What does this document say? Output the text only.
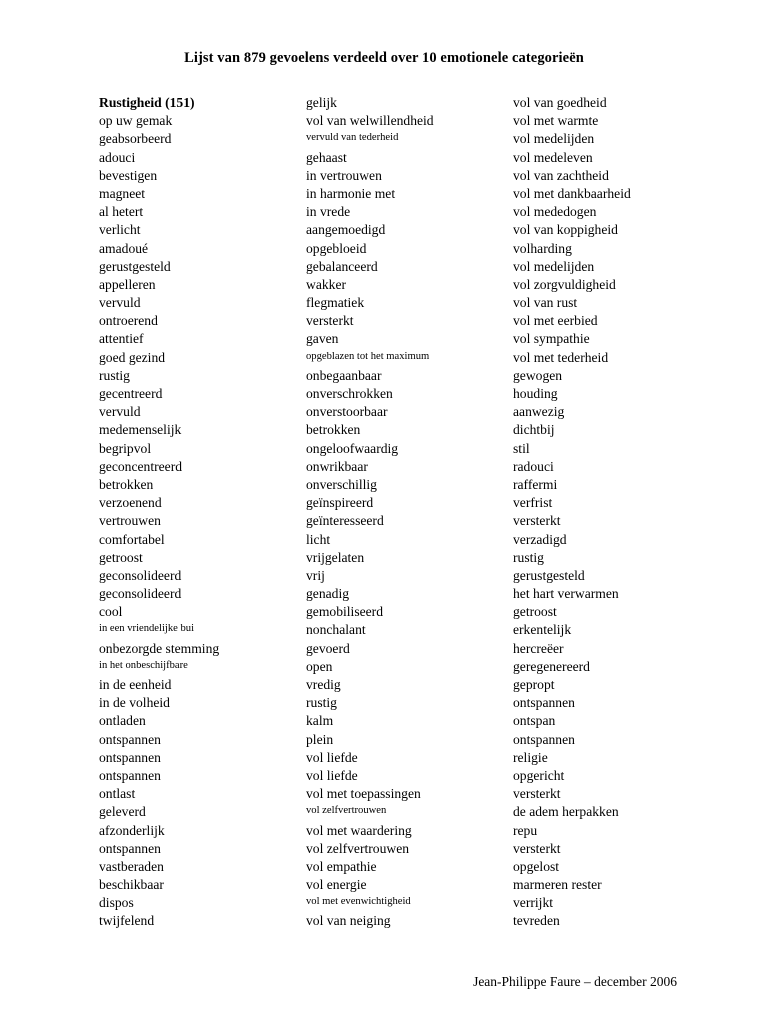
Lijst van 879 gevoelens verdeeld over 10 emotionele categorieën
Rustigheid (151)
op uw gemak
geabsorbeerd
adouci
bevestigen
magneet
al hetert
verlicht
amadoué
gerustgesteld
appelleren
vervuld
ontroerend
attentief
goed gezind
rustig
gecentreerd
vervuld
medemenselijk
begripvol
geconcentreerd
betrokken
verzoenend
vertrouwen
comfortabel
getroost
geconsolideerd
geconsolideerd
cool
in een vriendelijke bui
onbezorgde stemming
in het onbeschijfbare
in de eenheid
in de volheid
ontladen
ontspannen
ontspannen
ontspannen
ontlast
geleverd
afzonderlijk
ontspannen
vastberaden
beschikbaar
dispos
twijfelend
gelijk
vol van welwillendheid
vervuld van tederheid
gehaast
in vertrouwen
in harmonie met
in vrede
aangemoedigd
opgebloeid
gebalanceerd
wakker
flegmatiek
versterkt
gaven
opgeblazen tot het maximum
onbegaanbaar
onverschrokken
onverstoorbaar
betrokken
ongeloofwaardig
onwrikbaar
onverschillig
geïnspireerd
geïnteresseerd
licht
vrijgelaten
vrij
genadig
gemobiliseerd
nonchalant
gevoerd
open
vredig
rustig
kalm
plein
vol liefde
vol liefde
vol met toepassingen
vol zelfvertrouwen
vol met waardering
vol zelfvertrouwen
vol empathie
vol energie
vol met evenwichtigheid
vol van neiging
vol van goedheid
vol met warmte
vol medelijden
vol medeleven
vol van zachtheid
vol met dankbaarheid
vol mededogen
vol van koppigheid
volharding
vol medelijden
vol zorgvuldigheid
vol van rust
vol met eerbied
vol sympathie
vol met tederheid
gewogen
houding
aanwezig
dichtbij
stil
radouci
raffermi
verfrist
versterkt
verzadigd
rustig
gerustgesteld
het hart verwarmen
getroost
erkentelijk
hercreëer
geregenereerd
gepropt
ontspannen
ontspan
ontspannen
religie
opgericht
versterkt
de adem herpakken
repu
versterkt
opgelost
marmeren rester
verrijkt
tevreden
Jean-Philippe Faure – december 2006
